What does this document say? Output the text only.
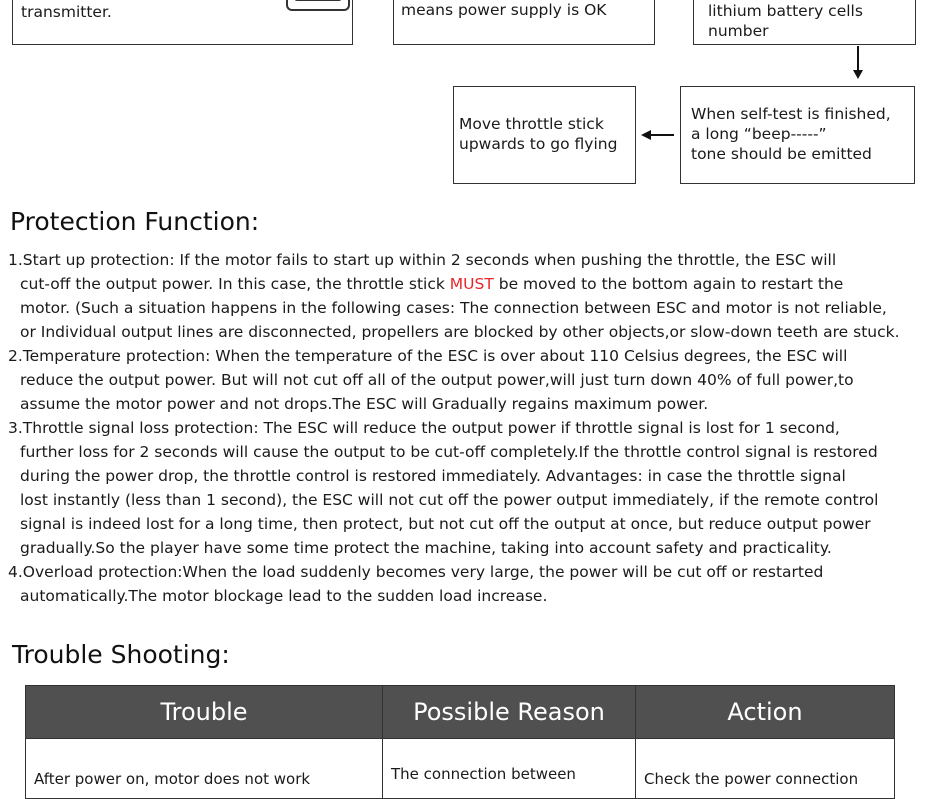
transmitter.	means power supply is OK	lithium battery cells
number
Move throttle stick
upwards to go flying
When self-test is finished,
a long “beep-----”
tone should be emitted
Protection Function:
1.Start up protection: If the motor fails to start up within 2 seconds when pushing the throttle, the ESC will
cut-off the output power. In this case, the throttle stick MUST be moved to the bottom again to restart the
motor. (Such a situation happens in the following cases: The connection between ESC and motor is not reliable,
or Individual output lines are disconnected, propellers are blocked by other objects,or slow-down teeth are stuck.
2.Temperature protection: When the temperature of the ESC is over about 110 Celsius degrees, the ESC will
reduce the output power. But will not cut off all of the output power,will just turn down 40% of full power,to
assume the motor power and not drops.The ESC will Gradually regains maximum power.
3.Throttle signal loss protection: The ESC will reduce the output power if throttle signal is lost for 1 second,
further loss for 2 seconds will cause the output to be cut-off completely.If the throttle control signal is restored
during the power drop, the throttle control is restored immediately. Advantages: in case the throttle signal
lost instantly (less than 1 second), the ESC will not cut off the power output immediately, if the remote control
signal is indeed lost for a long time, then protect, but not cut off the output at once, but reduce output power
gradually.So the player have some time protect the machine, taking into account safety and practicality.
4.Overload protection:When the load suddenly becomes very large, the power will be cut off or restarted
automatically.The motor blockage lead to the sudden load increase.
Trouble Shooting:
Trouble	Possible Reason	Action

After power on, motor does not work	The connection between	Check the power connection
